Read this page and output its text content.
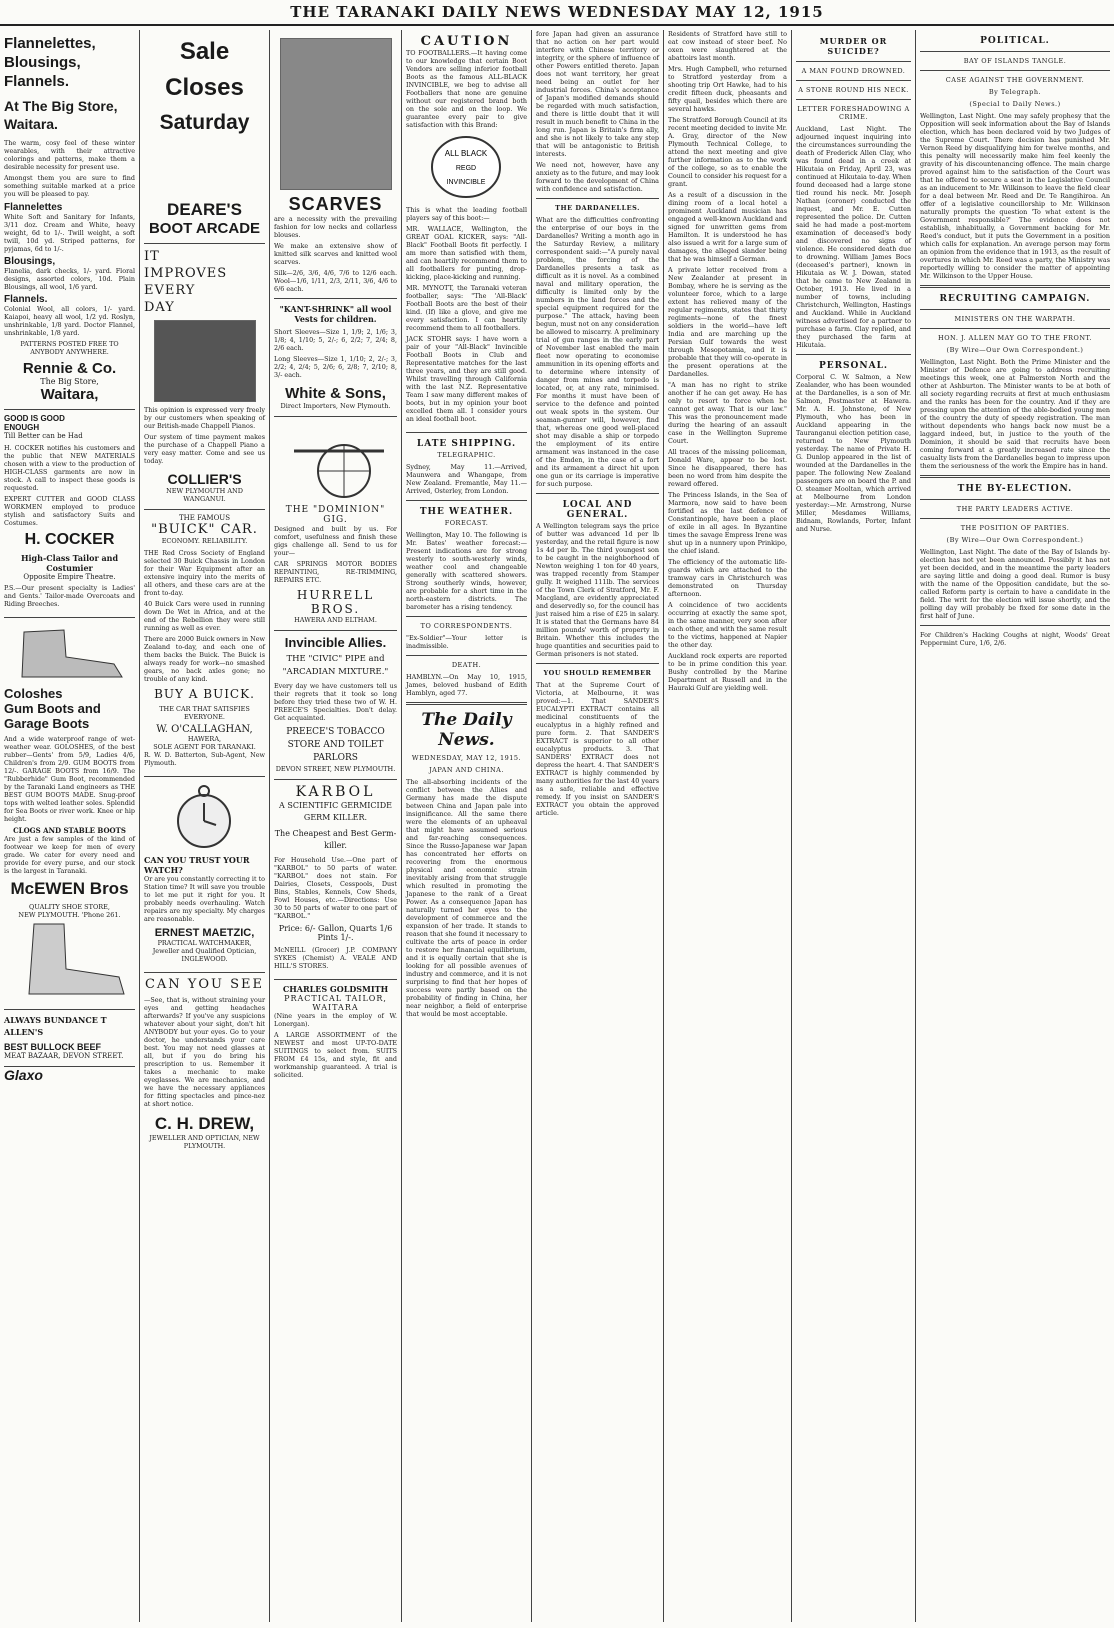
THE TARANAKI DAILY NEWS WEDNESDAY MAY 12, 1915
Flannelettes,
Blousings,
Flannels.
At The Big Store, Waitara.

The warm, cosy feel of these winter wearables, with their attractive colorings and patterns, make them a desirable necessity for present use.

Amongst them you are sure to find something suitable marked at a price you will be pleased to pay.

Flannelettes

White Soft and Sanitary for Infants, 3/11 doz. Cream and White, heavy weight, 6d to 1/-. Twill weight, a soft twill, 10d yd. Striped patterns, for pyjamas, 6d to 1/-.

Blousings,

Flanelia, dark checks, 1/- yard. Floral designs, assorted colors, 10d. Plain Blousings, all wool, 1/6 yard.

Flannels.

Colonial Wool, all colors, 1/- yard. Kaiapoi, heavy all wool, 1/2 yd. Roslyn, unshrinkable, 1/8 yard. Doctor Flannel, unshrinkable, 1/8 yard.

PATTERNS POSTED FREE TO ANYBODY ANYWHERE.

Rennie & Co.
The Big Store,
Waitara,
GOOD IS GOOD
ENOUGH
Till Better can be Had

H. COCKER notifies his customers and the public that NEW MATERIALS chosen with a view to the production of HIGH-CLASS garments are now in stock. A call to inspect these goods is requested.

EXPERT CUTTER and GOOD CLASS WORKMEN employed to produce stylish and satisfactory Suits and Costumes.

H. COCKER
High-Class Tailor and Costumier
Opposite Empire Theatre.

P.S.—Our present specialty is Ladies' and Gents.' Tailor-made Overcoats and Riding Breeches.

Coloshes
Gum Boots and
Garage Boots

And a wide waterproof range of wet-weather wear. GOLOSHES, of the best rubber—Gents' from 5/9, Ladies 4/6, Children's from 2/9. GUM BOOTS from 12/-. GARAGE BOOTS from 16/9. The "Rubberhide" Gum Boot, recommended by the Taranaki Land engineers as THE BEST GUM BOOTS MADE. Snug-proof tops with welted leather soles. Splendid for Sea Boots or river work. Knee or hip height.

CLOGS AND STABLE BOOTS

Are just a few samples of the kind of footwear we keep for men of every grade. We cater for every need and provide for every purse, and our stock is the largest in Taranaki.

McEWEN Bros
QUALITY SHOE STORE,
NEW PLYMOUTH. 'Phone 261.
ALWAYS BUNDANCE T ALLEN'S
BEST BULLOCK BEEF
MEAT BAZAAR, DEVON STREET.
Glaxo
Sale
Closes
Saturday
DEARE'S
BOOT ARCADE
IT
IMPROVES
EVERY
DAY

This opinion is expressed very freely by our customers when speaking of our British-made Chappell Pianos.

Our system of time payment makes the purchase of a Chappell Piano a very easy matter. Come and see us today.

COLLIER'S
NEW PLYMOUTH AND WANGANUI.
THE FAMOUS
"BUICK" CAR.
ECONOMY. RELIABILITY.

THE Red Cross Society of England selected 30 Buick Chassis in London for their War Equipment after an extensive inquiry into the merits of all others, and these cars are at the front to-day.

40 Buick Cars were used in running down De Wet in Africa, and at the end of the Rebellion they were still running as well as ever.

There are 2000 Buick owners in New Zealand to-day, and each one of them backs the Buick. The Buick is always ready for work—no smashed gears, no back axles gone; no trouble of any kind.

BUY A BUICK.
THE CAR THAT SATISFIES EVERYONE.
W. O'CALLAGHAN,
HAWERA,
SOLE AGENT FOR TARANAKI.

R. W. D. Batterton, Sub-Agent, New Plymouth.

CAN YOU TRUST YOUR WATCH?

Or are you constantly correcting it to Station time? It will save you trouble to let me put it right for you. It probably needs overhauling. Watch repairs are my specialty. My charges are reasonable.

ERNEST MAETZIC,

PRACTICAL WATCHMAKER, Jeweller and Qualified Optician, INGLEWOOD.

CAN YOU SEE

—See, that is, without straining your eyes and getting headaches afterwards? If you've any suspicions whatever about your sight, don't hit ANYBODY but your eyes. Go to your doctor, he understands your care best. You may not need glasses at all, but if you do bring his prescription to us. Remember it takes a mechanic to make eyeglasses. We are mechanics, and we have the necessary appliances for fitting spectacles and pince-nez at short notice.

C. H. DREW,

JEWELLER AND OPTICIAN, NEW PLYMOUTH.

SCARVES

are a necessity with the prevailing fashion for low necks and collarless blouses.

We make an extensive show of knitted silk scarves and knitted wool scarves.

Silk—2/6, 3/6, 4/6, 7/6 to 12/6 each. Wool—1/6, 1/11, 2/3, 2/11, 3/6, 4/6 to 6/6 each.

"KANT-SHRINK" all wool
Vests for children.

Short Sleeves—Size 1, 1/9; 2, 1/6; 3, 1/8; 4, 1/10; 5, 2/-; 6, 2/2; 7, 2/4; 8, 2/6 each.

Long Sleeves—Size 1, 1/10; 2, 2/-; 3, 2/2; 4, 2/4; 5, 2/6; 6, 2/8; 7, 2/10; 8, 3/- each.

White & Sons,
Direct Importers, New Plymouth.
THE "DOMINION" GIG.

Designed and built by us. For comfort, usefulness and finish these gigs challenge all. Send to us for your—

CAR SPRINGS MOTOR BODIES REPAINTING, RE-TRIMMING, REPAIRS ETC.

HURRELL BROS.
HAWERA AND ELTHAM.
Invincible Allies.
THE "CIVIC" PIPE and "ARCADIAN MIXTURE."

Every day we have customers tell us their regrets that it took so long before they tried these two of W. H. PREECE'S Specialties. Don't delay. Get acquainted.

PREECE'S TOBACCO STORE AND TOILET PARLORS
DEVON STREET, NEW PLYMOUTH.
KARBOL
A SCIENTIFIC GERMICIDE GERM KILLER.
The Cheapest and Best Germ-killer.

For Household Use.—One part of "KARBOL" to 50 parts of water. "KARBOL" does not stain. For Dairies, Closets, Cesspools, Dust Bins, Stables, Kennels, Cow Sheds, Fowl Houses, etc.—Directions: Use 30 to 50 parts of water to one part of "KARBOL."

Price: 6/- Gallon, Quarts 1/6 Pints 1/-.

McNEILL (Grocer) J.P. COMPANY SYKES (Chemist) A. VEALE AND HILL'S STORES.

CHARLES GOLDSMITH
PRACTICAL TAILOR, WAITARA

(Nine years in the employ of W. Lonergan).

A LARGE ASSORTMENT of the NEWEST and most UP-TO-DATE SUITINGS to select from. SUITS FROM £4 15s, and style, fit and workmanship guaranteed. A trial is solicited.

CAUTION

TO FOOTBALLERS.—It having come to our knowledge that certain Boot Vendors are selling inferior football Boots as the famous ALL-BLACK INVINCIBLE, we beg to advise all Footballers that none are genuine without our registered brand both on the sole and on the loop. We guarantee every pair to give satisfaction with this Brand:

ALL BLACK
REGD
INVINCIBLE

This is what the leading football players say of this boot:—

MR. WALLACE, Wellington, the GREAT GOAL KICKER, says: "All-Black" Football Boots fit perfectly. I am more than satisfied with them, and can heartily recommend them to all footballers for punting, drop-kicking, place-kicking and running.

MR. MYNOTT, the Taranaki veteran footballer, says: "The 'All-Black' Football Boots are the best of their kind. (If) like a glove, and give me every satisfaction. I can heartily recommend them to all footballers.

JACK STOHR says: I have worn a pair of your "All-Black" Invincible Football Boots in Club and Representative matches for the last three years, and they are still good. Whilst travelling through California with the last N.Z. Representative Team I saw many different makes of boots, but in my opinion your boot excelled them all. I consider yours an ideal football boot.

LATE SHIPPING.
TELEGRAPHIC.

Sydney, May 11.—Arrived, Maunwera and Whangape, from New Zealand. Fremantle, May 11.—Arrived, Osterley, from London.

THE WEATHER.
FORECAST.

Wellington, May 10. The following is Mr. Bates' weather forecast:—Present indications are for strong westerly to south-westerly winds, weather cool and changeable generally with scattered showers. Strong southerly winds, however, are probable for a short time in the north-eastern districts. The barometer has a rising tendency.

TO CORRESPONDENTS.

"Ex-Soldier"—Your letter is inadmissible.

DEATH.

HAMBLYN.—On May 10, 1915, James, beloved husband of Edith Hamblyn, aged 77.

The Daily News.
WEDNESDAY, MAY 12, 1915.
JAPAN AND CHINA.

The all-absorbing incidents of the conflict between the Allies and Germany has made the dispute between China and Japan pale into insignificance. All the same there were the elements of an upheaval that might have assumed serious and far-reaching consequences. Since the Russo-Japanese war Japan has concentrated her efforts on recovering from the enormous physical and economic strain inevitably arising from that struggle which resulted in promoting the Japanese to the rank of a Great Power. As a consequence Japan has naturally turned her eyes to the development of commerce and the expansion of her trade. It stands to reason that she found it necessary to cultivate the arts of peace in order to restore her financial equilibrium, and it is equally certain that she is looking for all possible avenues of industry and commerce, and it is not surprising to find that her hopes of success were partly based on the probability of finding in China, her near neighbor, a field of enterprise that would be most acceptable.

fore Japan had given an assurance that no action on her part would interfere with Chinese territory or integrity, or the sphere of influence of other Powers entitled thereto. Japan does not want territory, her great need being an outlet for her industrial forces. China's acceptance of Japan's modified demands should be regarded with much satisfaction, and there is little doubt that it will result in much benefit to China in the long run. Japan is Britain's firm ally, and she is not likely to take any step that will be antagonistic to British interests.

We need not, however, have any anxiety as to the future, and may look forward to the development of China with confidence and satisfaction.

THE DARDANELLES.

What are the difficulties confronting the enterprise of our boys in the Dardanelles? Writing a month ago in the Saturday Review, a military correspondent said:—"A purely naval problem, the forcing of the Dardanelles presents a task as difficult as it is novel. As a combined naval and military operation, the difficulty is limited only by the numbers in the land forces and the special equipment required for the purpose." The attack, having been begun, must not on any consideration be allowed to miscarry. A preliminary trial of gun ranges in the early part of November last enabled the main fleet now operating to economise ammunition in its opening efforts and to determine where intensity of danger from mines and torpedo is located, or, at any rate, minimised. For months it must have been of service to the defence and pointed out weak spots in the system. Our seaman-gunner will, however, find that, whereas one good well-placed shot may disable a ship or torpedo the employment of its entire armament was instanced in the case of the Emden, in the case of a fort and its armament a direct hit upon one gun or its carriage is imperative for such purpose.

LOCAL AND GENERAL.

A Wellington telegram says the price of butter was advanced 1d per lb yesterday, and the retail figure is now 1s 4d per lb. The third youngest son to be caught in the neighborhood of Newton weighing 1 ton for 40 years, was trapped recently from Stamper gully. It weighed 111lb. The services of the Town Clerk of Stratford, Mr. F. Macgland, are evidently appreciated and deservedly so, for the council has just raised him a rise of £25 in salary. It is stated that the Germans have 84 million pounds' worth of property in Britain. Whether this includes the huge quantities and securities paid to German prisoners is not stated.

YOU SHOULD REMEMBER

That at the Supreme Court of Victoria, at Melbourne, it was proved:—1. That SANDER'S EUCALYPTI EXTRACT contains all medicinal constituents of the eucalyptus in a highly refined and pure form. 2. That SANDER'S EXTRACT is superior to all other eucalyptus products. 3. That SANDERS' EXTRACT does not depress the heart. 4. That SANDER'S EXTRACT is highly commended by many authorities for the last 40 years as a safe, reliable and effective remedy. If you insist on SANDER'S EXTRACT you obtain the approved article.

Residents of Stratford have still to eat cow instead of steer beef. No oxen were slaughtered at the abattoirs last month.

Mrs. Hugh Campbell, who returned to Stratford yesterday from a shooting trip Ort Hawke, had to his credit fifteen duck, pheasants and fifty quail, besides which there are several hawks.

The Stratford Borough Council at its recent meeting decided to invite Mr. A. Gray, director of the New Plymouth Technical College, to attend the next meeting and give further information as to the work of the college, so as to enable the Council to consider his request for a grant.

As a result of a discussion in the dining room of a local hotel a prominent Auckland musician has engaged a well-known Auckland and signed for unwritten gems from Hamilton. It is understood he has also issued a writ for a large sum of damages, the alleged slander being that he was himself a German.

A private letter received from a New Zealander at present in Bombay, where he is serving as the volunteer force, which to a large extent has relieved many of the regular regiments, states that thirty regiments—none of the finest soldiers in the world—have left India and are marching up the Persian Gulf towards the west through Mesopotamia, and it is probable that they will co-operate in the present operations at the Dardanelles.

"A man has no right to strike another if he can get away. He has only to resort to force when he cannot get away. That is our law." This was the pronouncement made during the hearing of an assault case in the Wellington Supreme Court.

All traces of the missing policeman, Donald Ware, appear to be lost. Since he disappeared, there has been no word from him despite the reward offered.

The Princess Islands, in the Sea of Marmora, now said to have been fortified as the last defence of Constantinople, have been a place of exile in all ages. In Byzantine times the savage Empress Irene was shut up in a nunnery upon Prinkipo, the chief island.

The efficiency of the automatic life-guards which are attached to the tramway cars in Christchurch was demonstrated on Thursday afternoon.

A coincidence of two accidents occurring at exactly the same spot, in the same manner, very soon after each other, and with the same result to the victims, happened at Napier the other day.

Auckland rock experts are reported to be in prime condition this year. Bushy controlled by the Marine Department at Russell and in the Hauraki Gulf are yielding well.

MURDER OR SUICIDE?
A MAN FOUND DROWNED.
A STONE ROUND HIS NECK.
LETTER FORESHADOWING A CRIME.

Auckland, Last Night. The adjourned inquest inquiring into the circumstances surrounding the death of Frederick Allen Clay, who was found dead in a creek at Hikutaia on Friday, April 23, was continued at Hikutaia to-day. When found deceased had a large stone tied round his neck. Mr. Joseph Nathan (coroner) conducted the inquest, and Mr. E. Cutten represented the police. Dr. Cutten said he had made a post-mortem examination of deceased's body and discovered no signs of violence. He considered death due to drowning. William James Bocs (deceased's partner), known in Hikutaia as W. J. Dowan, stated that he came to New Zealand in October, 1913. He lived in a number of towns, including Christchurch, Wellington, Hastings and Auckland. While in Auckland witness advertised for a partner to purchase a farm. Clay replied, and they purchased the farm at Hikutaia.

PERSONAL.

Corporal C. W. Salmon, a New Zealander, who has been wounded at the Dardanelles, is a son of Mr. Salmon, Postmaster at Hawera. Mr. A. H. Johnstone, of New Plymouth, who has been in Auckland appearing in the Tauranganui election petition case, returned to New Plymouth yesterday. The name of Private H. G. Dunlop appeared in the list of wounded at the Dardanelles in the paper. The following New Zealand passengers are on board the P. and O. steamer Mooltan, which arrived at Melbourne from London yesterday:—Mr. Armstrong, Nurse Miller, Mesdames Williams, Bidnam, Rowlands, Porter, Infant and Nurse.

POLITICAL.
BAY OF ISLANDS TANGLE.
CASE AGAINST THE GOVERNMENT.
By Telegraph.
(Special to Daily News.)

Wellington, Last Night. One may safely prophesy that the Opposition will seek information about the Bay of Islands election, which has been declared void by two Judges of the Supreme Court. There decision has punished Mr. Vernon Reed by disqualifying him for twelve months, and this penalty will necessarily make him feel keenly the gravity of his discountenancing offence. The main charge proved against him to the satisfaction of the Court was that he offered to secure a seat in the Legislative Council as an inducement to Mr. Wilkinson to leave the field clear for a deal between Mr. Reed and Dr. Te Rangihiroa. An offer of a legislative councillorship to Mr. Wilkinson naturally prompts the question 'To what extent is the Government responsible?' The evidence does not establish, inhabitually, a Government backing for Mr. Reed's conduct, but it puts the Government in a position which calls for explanation. An average person may form an opinion from the evidence that in 1913, as the result of overtures in which Mr. Reed was a party, the Ministry was reportedly willing to consider the matter of appointing Mr. Wilkinson to the Upper House.

RECRUITING CAMPAIGN.
MINISTERS ON THE WARPATH.
HON. J. ALLEN MAY GO TO THE FRONT.
(By Wire—Our Own Correspondent.)

Wellington, Last Night. Both the Prime Minister and the Minister of Defence are going to address recruiting meetings this week, one at Palmerston North and the other at Ashburton. The Minister wants to be at both of all society regarding recruits at first at much enthusiasm and the ranks has been for the country. And if they are pressing upon the attention of the able-bodied young men of the country the duty of speedy registration. The man without dependents who hangs back now must be a laggard indeed, but, in justice to the youth of the Dominion, it should be said that recruits have been coming forward at a greatly increased rate since the casualty lists from the Dardanelles began to impress upon them the seriousness of the work the Empire has in hand.

THE BY-ELECTION.
THE PARTY LEADERS ACTIVE.
THE POSITION OF PARTIES.
(By Wire—Our Own Correspondent.)

Wellington, Last Night. The date of the Bay of Islands by-election has not yet been announced. Possibly it has not yet been decided, and in the meantime the party leaders are saying little and doing a good deal. Rumor is busy with the name of the Opposition candidate, but the so-called Reform party is certain to have a candidate in the field. The writ for the election will issue shortly, and the polling day will probably be fixed for some date in the first half of June.

For Children's Hacking Coughs at night, Woods' Great Peppermint Cure, 1/6, 2/6.
